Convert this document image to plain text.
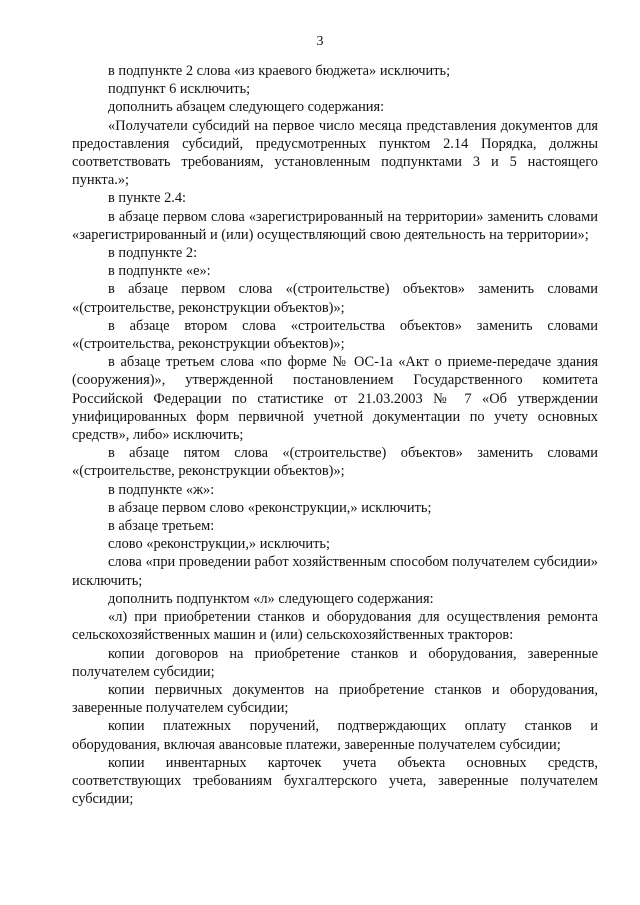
3

в подпункте 2 слова «из краевого бюджета» исключить;

подпункт 6 исключить;

дополнить абзацем следующего содержания:

«Получатели субсидий на первое число месяца представления документов для предоставления субсидий, предусмотренных пунктом 2.14 Порядка, должны соответствовать требованиям, установленным подпунктами 3 и 5 настоящего пункта.»;

в пункте 2.4:

в абзаце первом слова «зарегистрированный на территории» заменить словами «зарегистрированный и (или) осуществляющий свою деятельность на территории»;

в подпункте 2:

в подпункте «е»:

в абзаце первом слова «(строительстве) объектов» заменить словами «(строительстве, реконструкции объектов)»;

в абзаце втором слова «строительства объектов» заменить словами «(строительства, реконструкции объектов)»;

в абзаце третьем слова «по форме № ОС-1а «Акт о приеме-передаче здания (сооружения)», утвержденной постановлением Государственного комитета Российской Федерации по статистике от 21.03.2003 № 7 «Об утверждении унифицированных форм первичной учетной документации по учету основных средств», либо» исключить;

в абзаце пятом слова «(строительстве) объектов» заменить словами «(строительстве, реконструкции объектов)»;

в подпункте «ж»:

в абзаце первом слово «реконструкции,» исключить;

в абзаце третьем:

слово «реконструкции,» исключить;

слова «при проведении работ хозяйственным способом получателем субсидии» исключить;

дополнить подпунктом «л» следующего содержания:

«л) при приобретении станков и оборудования для осуществления ремонта сельскохозяйственных машин и (или) сельскохозяйственных тракторов:

копии договоров на приобретение станков и оборудования, заверенные получателем субсидии;

копии первичных документов на приобретение станков и оборудования, заверенные получателем субсидии;

копии платежных поручений, подтверждающих оплату станков и оборудования, включая авансовые платежи, заверенные получателем субсидии;

копии инвентарных карточек учета объекта основных средств, соответствующих требованиям бухгалтерского учета, заверенные получателем субсидии;
